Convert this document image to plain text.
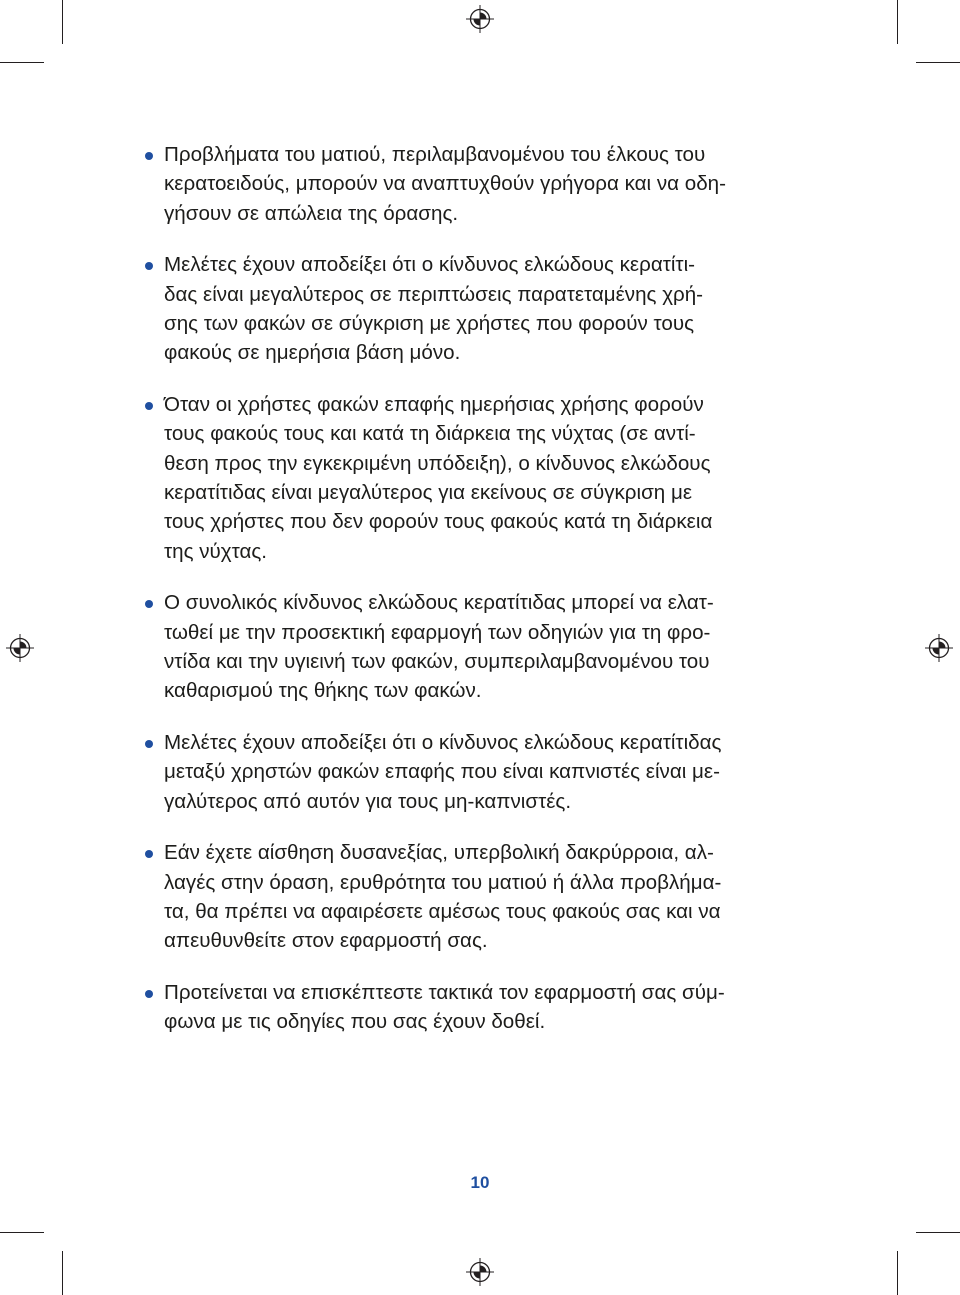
Προβλήματα του ματιού, περιλαμβανομένου του έλκους του
κερατοειδούς, μπορούν να αναπτυχθούν γρήγορα και να οδη-
γήσουν σε απώλεια της όρασης.
Μελέτες έχουν αποδείξει ότι ο κίνδυνος ελκώδους κερατίτι-
δας είναι μεγαλύτερος σε περιπτώσεις παρατεταμένης χρή-
σης των φακών σε σύγκριση με χρήστες που φορούν τους
φακούς σε ημερήσια βάση μόνο.
Όταν οι χρήστες φακών επαφής ημερήσιας χρήσης φορούν
τους φακούς τους και κατά τη διάρκεια της νύχτας (σε αντί-
θεση προς την εγκεκριμένη υπόδειξη), ο κίνδυνος ελκώδους
κερατίτιδας είναι μεγαλύτερος για εκείνους σε σύγκριση με
τους χρήστες που δεν φορούν τους φακούς κατά τη διάρκεια
της νύχτας.
Ο συνολικός κίνδυνος ελκώδους κερατίτιδας μπορεί να ελατ-
τωθεί με την προσεκτική εφαρμογή των οδηγιών για τη φρο-
ντίδα και την υγιεινή των φακών, συμπεριλαμβανομένου του
καθαρισμού της θήκης των φακών.
Μελέτες έχουν αποδείξει ότι ο κίνδυνος ελκώδους κερατίτιδας
μεταξύ χρηστών φακών επαφής που είναι καπνιστές είναι με-
γαλύτερος από αυτόν για τους μη-καπνιστές.
Εάν έχετε αίσθηση δυσανεξίας, υπερβολική δακρύρροια, αλ-
λαγές στην όραση, ερυθρότητα του ματιού ή άλλα προβλήμα-
τα, θα πρέπει να αφαιρέσετε αμέσως τους φακούς σας και να
απευθυνθείτε στον εφαρμοστή σας.
Προτείνεται να επισκέπτεστε τακτικά τον εφαρμοστή σας σύμ-
φωνα με τις οδηγίες που σας έχουν δοθεί.
10
